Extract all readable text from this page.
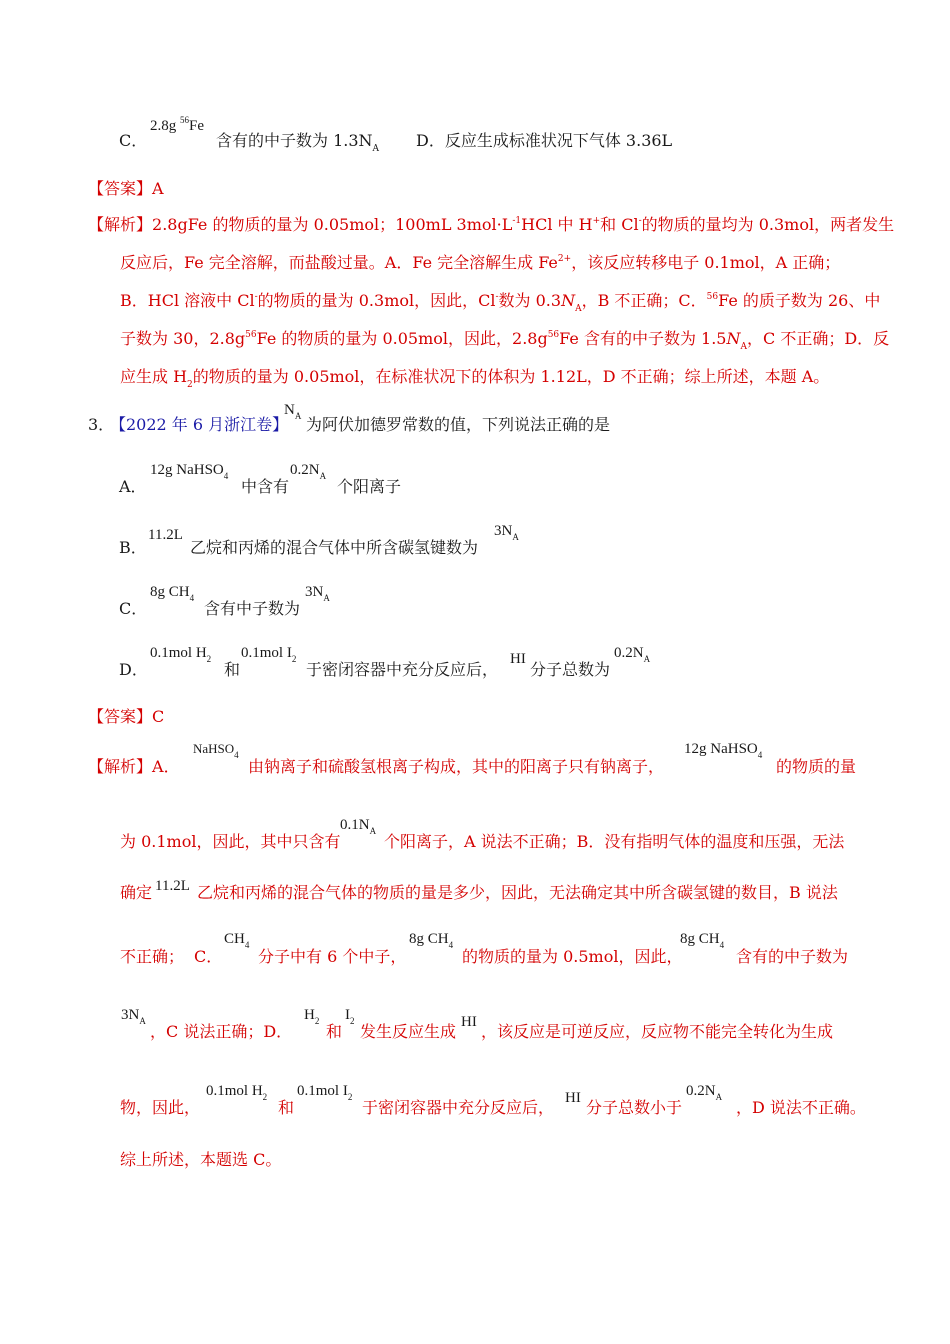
C．
2.8g $^{56}$Fe
含有的中子数为 $1.3N_A$ D．反应生成标准状况下气体 3.36L
【答案】A
【解析】2.8gFe 的物质的量为 0.05mol；100mL $3mol\cdot L^{-1}HCl$ 中 H+和 Cl-的物质的量均为 0.3mol，两者发生
反应后，Fe 完全溶解，而盐酸过量。A．Fe 完全溶解生成 $Fe^{2+}$，该反应转移电子 0.1mol，A 正确；
B．HCl 溶液中 Cl-的物质的量为 0.3mol，因此，Cl-数为 $0.3N_A$，B 不正确；C．$^{56}$Fe 的质子数为 26、中
子数为 30，$2.8g^{56}Fe$ 的物质的量为 0.05mol，因此，$2.8g^{56}Fe$ 含有的中子数为 $1.5N_A$，C 不正确；D．反
应生成 $H_2$的物质的量为 0.05mol，在标准状况下的体积为 1.12L，D 不正确；综上所述，本题 A。
3．
【2022 年 6 月浙江卷】
$N_A$ 为阿伏加德罗常数的值，下列说法正确的是
A．
12g NaHSO$_4$
中含有
$0.2N_A$
个阳离子
B．
11.2L
乙烷和丙烯的混合气体中所含碳氢键数为
$3N_A$
C．
8g $CH_4$
含有中子数为
$3N_A$
D．
0.1mol $H_2$
和
0.1mol $I_2$
于密闭容器中充分反应后，
HI
分子总数为
$0.2N_A$
【答案】C
【解析】A．
NaHSO$_4$
由钠离子和硫酸氢根离子构成，其中的阳离子只有钠离子，
12g NaHSO$_4$
的物质的量
为 0.1mol，因此，其中只含有
$0.1N_A$
个阳离子，A 说法不正确；B．没有指明气体的温度和压强，无法
确定 11.2L 乙烷和丙烯的混合气体的物质的量是多少，因此，无法确定其中所含碳氢键的数目，B 说法
不正确； C．
$CH_4$
分子中有 6 个中子，
8g $CH_4$
的物质的量为 0.5mol，因此，
8g $CH_4$
含有的中子数为
$3N_A$
，C 说法正确；D．
$H_2$
和
$I_2$
发生反应生成 HI ，该反应是可逆反应，反应物不能完全转化为生成
物，因此，
0.1mol $H_2$
和
0.1mol $I_2$
于密闭容器中充分反应后， HI 分子总数小于
$0.2N_A$
，D 说法不正确。
综上所述，本题选 C。
